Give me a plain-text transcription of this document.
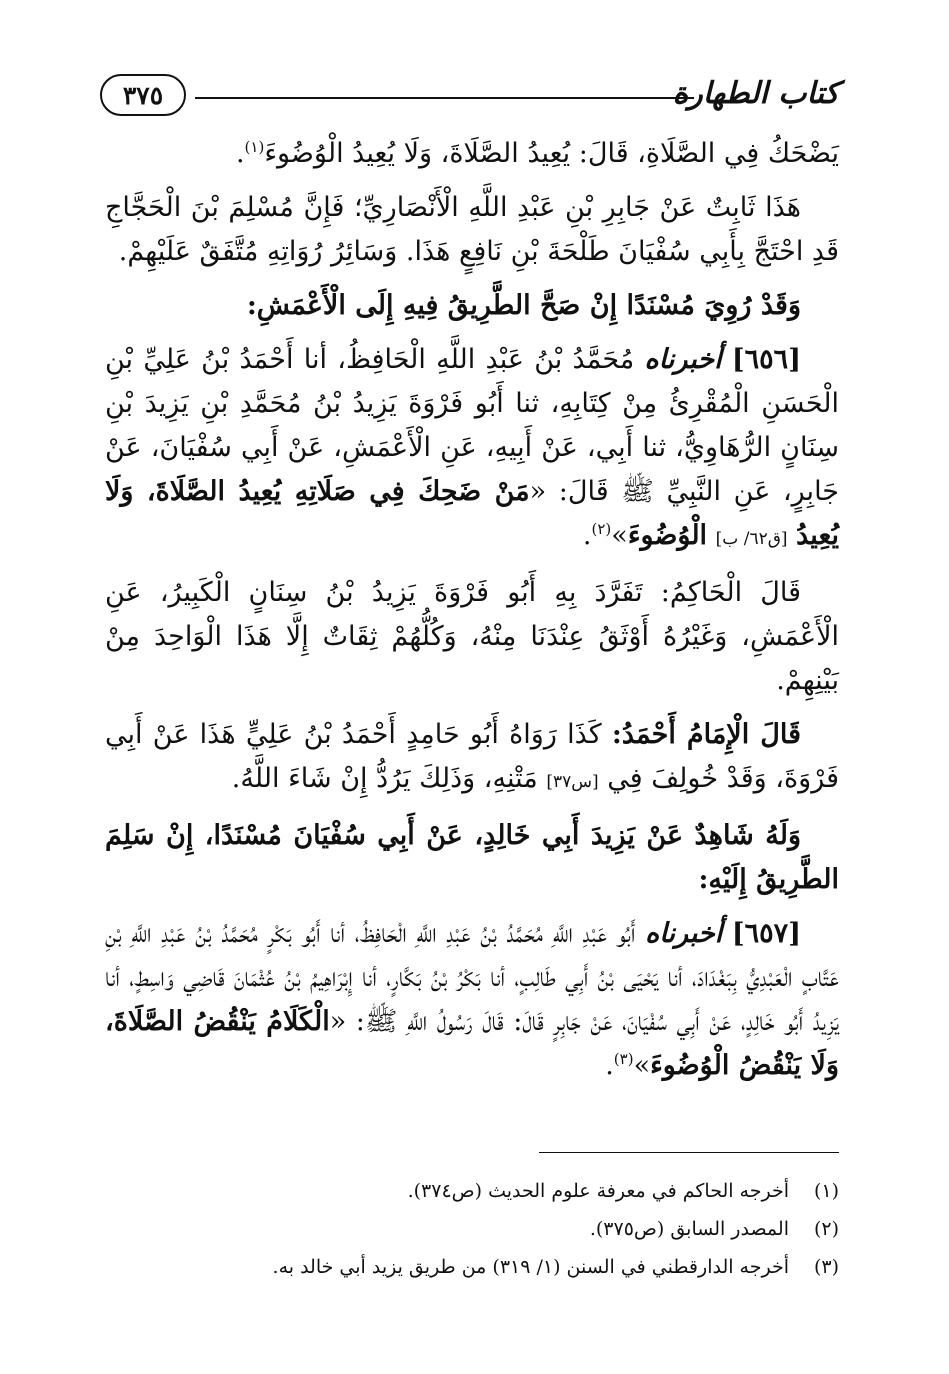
٣٧٥	كتاب الطهارة

يَضْحَكُ فِي الصَّلَاةِ، قَالَ: يُعِيدُ الصَّلَاةَ، وَلَا يُعِيدُ الْوُضُوءَ$^{(١)}$.

هَذَا ثَابِتٌ عَنْ جَابِرِ بْنِ عَبْدِ اللَّهِ الْأَنْصَارِيِّ؛ فَإِنَّ مُسْلِمَ بْنَ الْحَجَّاجِ قَدِ احْتَجَّ بِأَبِي سُفْيَانَ طَلْحَةَ بْنِ نَافِعٍ هَذَا. وَسَائِرُ رُوَاتِهِ مُتَّفَقٌ عَلَيْهِمْ.

وَقَدْ رُوِيَ مُسْنَدًا إِنْ صَحَّ الطَّرِيقُ فِيهِ إِلَى الْأَعْمَشِ:

[٦٥٦] أخبرناه مُحَمَّدُ بْنُ عَبْدِ اللَّهِ الْحَافِظُ، أنا أَحْمَدُ بْنُ عَلِيِّ بْنِ الْحَسَنِ الْمُقْرِئُ مِنْ كِتَابِهِ، ثنا أَبُو فَرْوَةَ يَزِيدُ بْنُ مُحَمَّدِ بْنِ يَزِيدَ بْنِ سِنَانٍ الرُّهَاوِيُّ، ثنا أَبِي، عَنْ أَبِيهِ، عَنِ الْأَعْمَشِ، عَنْ أَبِي سُفْيَانَ، عَنْ جَابِرٍ، عَنِ النَّبِيِّ ﷺ قَالَ: «مَنْ ضَحِكَ فِي صَلَاتِهِ يُعِيدُ الصَّلَاةَ، وَلَا يُعِيدُ [ق٦٢/ ب] الْوُضُوءَ»$^{(٢)}$.

قَالَ الْحَاكِمُ: تَفَرَّدَ بِهِ أَبُو فَرْوَةَ يَزِيدُ بْنُ سِنَانٍ الْكَبِيرُ، عَنِ الْأَعْمَشِ، وَغَيْرُهُ أَوْثَقُ عِنْدَنَا مِنْهُ، وَكُلُّهُمْ ثِقَاتٌ إِلَّا هَذَا الْوَاحِدَ مِنْ بَيْنِهِمْ.

قَالَ الْإِمَامُ أَحْمَدُ: كَذَا رَوَاهُ أَبُو حَامِدٍ أَحْمَدُ بْنُ عَلِيٍّ هَذَا عَنْ أَبِي فَرْوَةَ، وَقَدْ خُولِفَ فِي [س٣٧] مَتْنِهِ، وَذَلِكَ يَرُدُّ إِنْ شَاءَ اللَّهُ.

وَلَهُ شَاهِدٌ عَنْ يَزِيدَ أَبِي خَالِدٍ، عَنْ أَبِي سُفْيَانَ مُسْنَدًا، إِنْ سَلِمَ الطَّرِيقُ إِلَيْهِ:

[٦٥٧] أخبرناه أَبُو عَبْدِ اللَّهِ مُحَمَّدُ بْنُ عَبْدِ اللَّهِ الْحَافِظُ، أنا أَبُو بَكْرٍ مُحَمَّدُ بْنُ عَبْدِ اللَّهِ بْنِ عَتَّابٍ الْعَبْدِيُّ بِبَغْدَادَ، أنا يَحْيَى بْنُ أَبِي طَالِبٍ، أنا بَكْرُ بْنُ بَكَّارٍ، أنا إِبْرَاهِيمُ بْنُ عُثْمَانَ قَاضِي وَاسِطٍ، أنا يَزِيدُ أَبُو خَالِدٍ، عَنْ أَبِي سُفْيَانَ، عَنْ جَابِرٍ قَالَ: قَالَ رَسُولُ اللَّهِ ﷺ: «الْكَلَامُ يَنْقُضُ الصَّلَاةَ، وَلَا يَنْقُضُ الْوُضُوءَ»$^{(٣)}$.

(١)أخرجه الحاكم في معرفة علوم الحديث (ص٣٧٤).

(٢)المصدر السابق (ص٣٧٥).

(٣)أخرجه الدارقطني في السنن (١/ ٣١٩) من طريق يزيد أبي خالد به.
